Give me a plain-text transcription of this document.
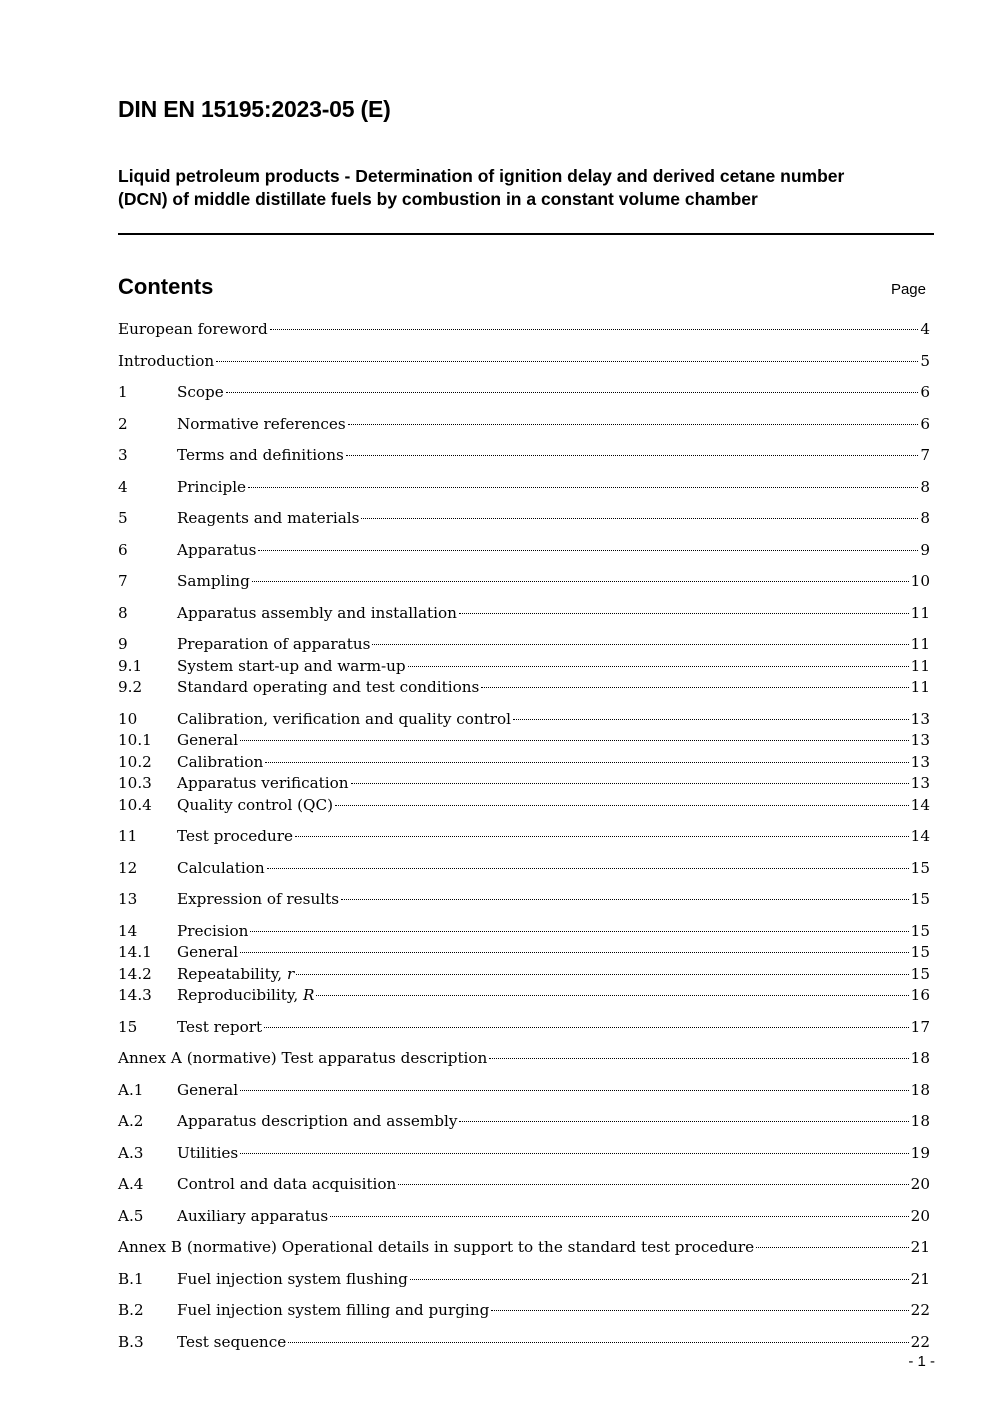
DIN EN 15195:2023-05 (E)

Liquid petroleum products - Determination of ignition delay and derived cetane number (DCN) of middle distillate fuels by combustion in a constant volume chamber

Contents	Page
European foreword	4
Introduction	5
1	Scope	6
2	Normative references	6
3	Terms and definitions	7
4	Principle	8
5	Reagents and materials	8
6	Apparatus	9
7	Sampling	10
8	Apparatus assembly and installation	11
9	Preparation of apparatus	11
9.1	System start-up and warm-up	11
9.2	Standard operating and test conditions	11
10	Calibration, verification and quality control	13
10.1	General	13
10.2	Calibration	13
10.3	Apparatus verification	13
10.4	Quality control (QC)	14
11	Test procedure	14
12	Calculation	15
13	Expression of results	15
14	Precision	15
14.1	General	15
14.2	Repeatability, r	15
14.3	Reproducibility, R	16
15	Test report	17
Annex A (normative) Test apparatus description	18
A.1	General	18
A.2	Apparatus description and assembly	18
A.3	Utilities	19
A.4	Control and data acquisition	20
A.5	Auxiliary apparatus	20
Annex B (normative) Operational details in support to the standard test procedure	21
B.1	Fuel injection system flushing	21
B.2	Fuel injection system filling and purging	22
B.3	Test sequence	22
- 1 -
